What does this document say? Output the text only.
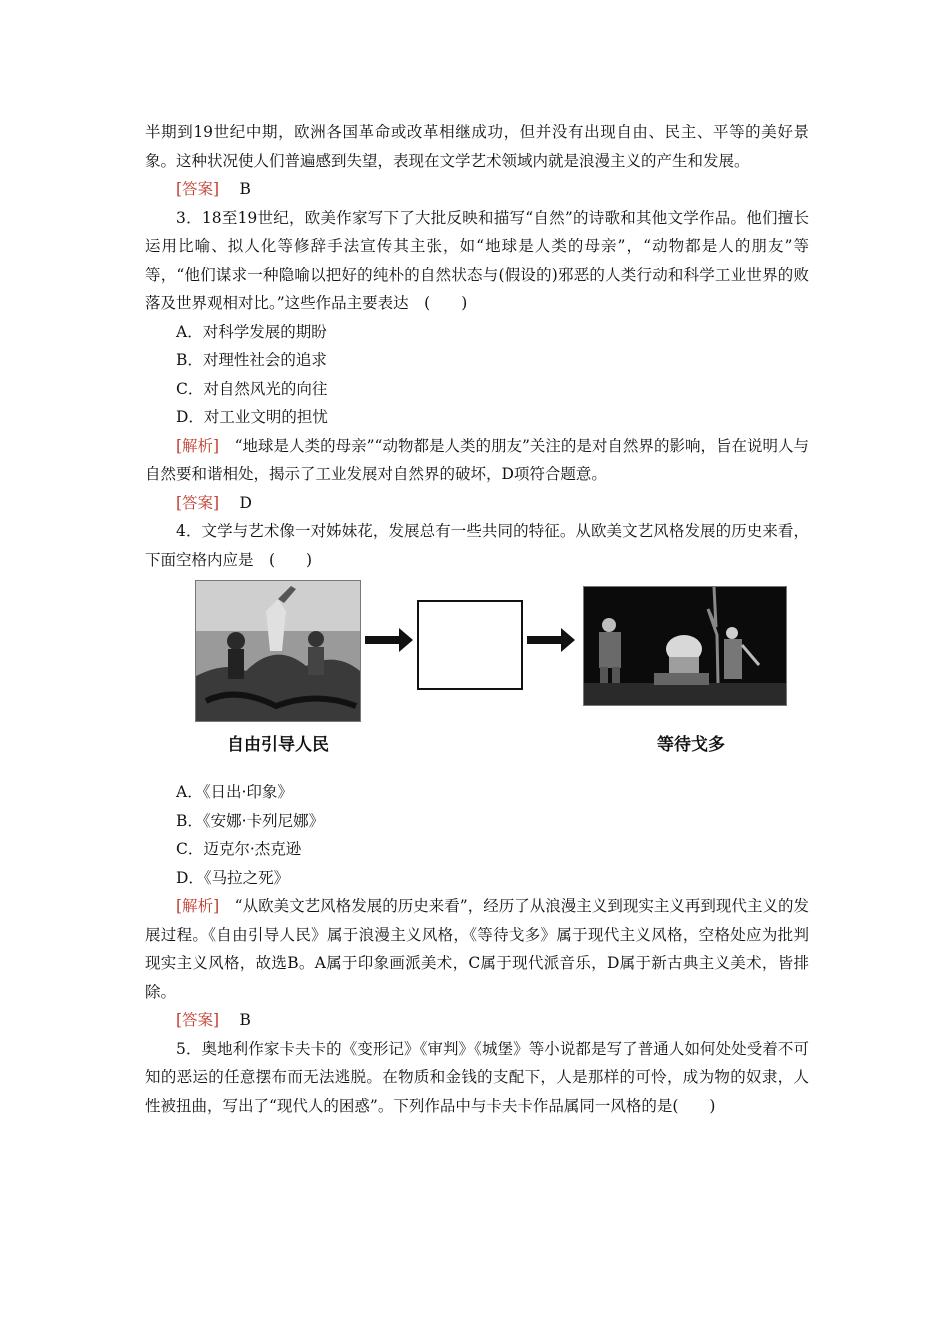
半期到19世纪中期，欧洲各国革命或改革相继成功，但并没有出现自由、民主、平等的美好景象。这种状况使人们普遍感到失望，表现在文学艺术领域内就是浪漫主义的产生和发展。

[答案]　 B

3．18至19世纪，欧美作家写下了大批反映和描写“自然”的诗歌和其他文学作品。他们擅长运用比喻、拟人化等修辞手法宣传其主张，如“地球是人类的母亲”，“动物都是人的朋友”等等，“他们谋求一种隐喻以把好的纯朴的自然状态与(假设的)邪恶的人类行动和科学工业世界的败落及世界观相对比。”这些作品主要表达　(　　)

A．对科学发展的期盼
B．对理性社会的追求
C．对自然风光的向往
D．对工业文明的担忧

[解析]　 “地球是人类的母亲”“动物都是人类的朋友”关注的是对自然界的影响，旨在说明人与自然要和谐相处，揭示了工业发展对自然界的破坏，D项符合题意。

[答案]　 D

4．文学与艺术像一对姊妹花，发展总有一些共同的特征。从欧美文艺风格发展的历史来看，下面空格内应是　(　　)

自由引导人民	等待戈多
A．《日出·印象》
B．《安娜·卡列尼娜》
C．迈克尔·杰克逊
D．《马拉之死》

[解析]　 “从欧美文艺风格发展的历史来看”，经历了从浪漫主义到现实主义再到现代主义的发展过程。《自由引导人民》属于浪漫主义风格，《等待戈多》属于现代主义风格，空格处应为批判现实主义风格，故选B。A属于印象画派美术，C属于现代派音乐，D属于新古典主义美术，皆排除。

[答案]　 B

5．奥地利作家卡夫卡的《变形记》《审判》《城堡》等小说都是写了普通人如何处处受着不可知的恶运的任意摆布而无法逃脱。在物质和金钱的支配下，人是那样的可怜，成为物的奴隶，人性被扭曲，写出了“现代人的困惑”。下列作品中与卡夫卡作品属同一风格的是(　　)
